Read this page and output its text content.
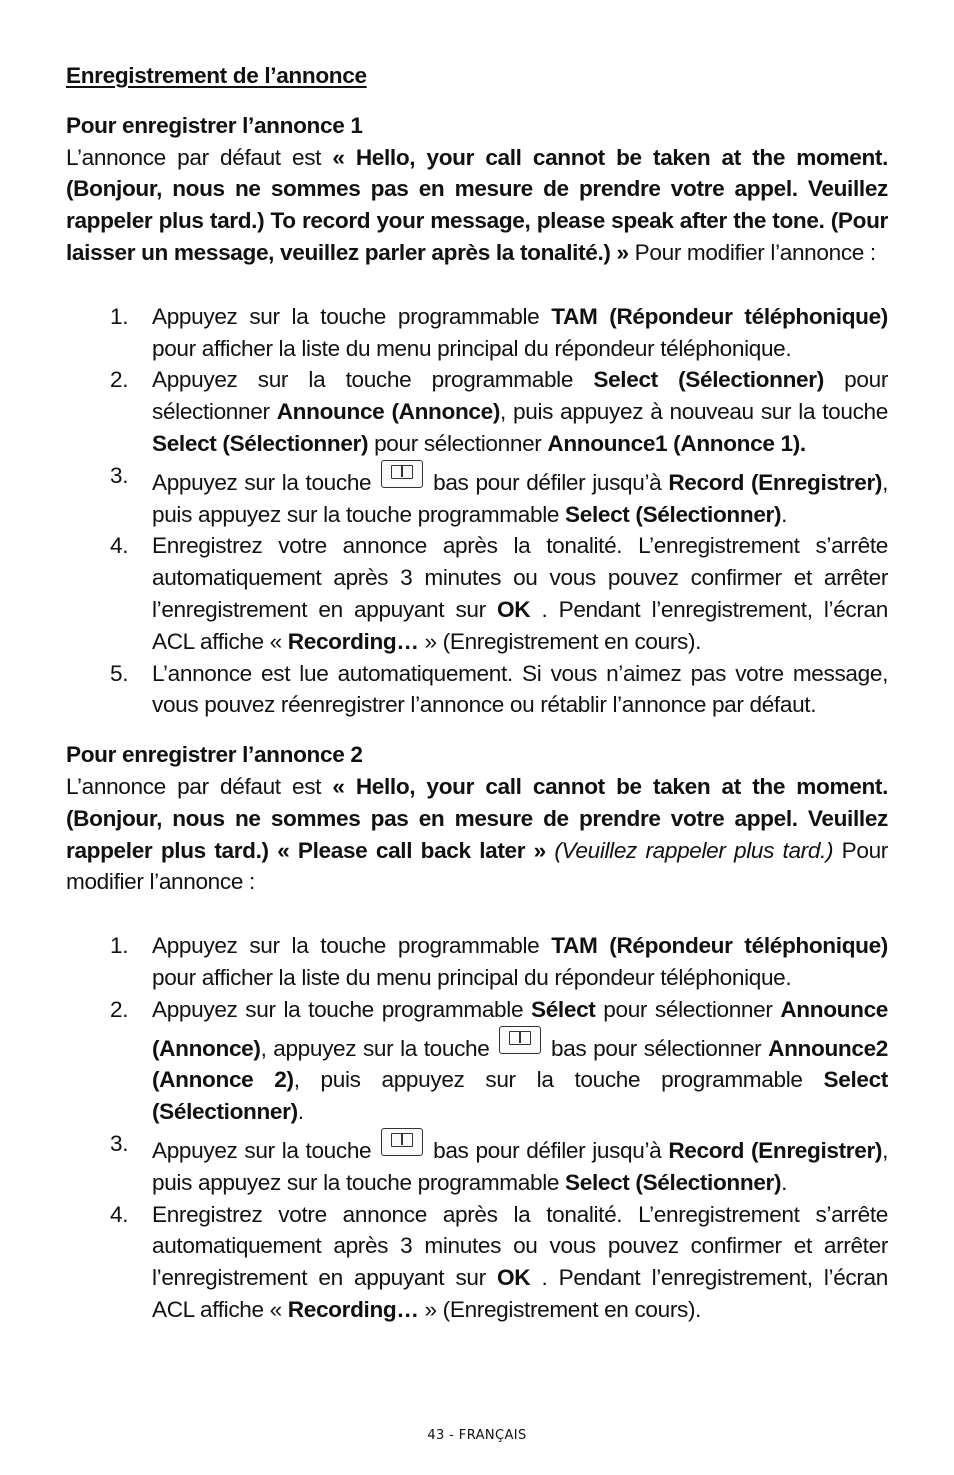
Enregistrement de l’annonce
Pour enregistrer l’annonce 1

L’annonce par défaut est « Hello, your call cannot be taken at the moment. (Bonjour, nous ne sommes pas en mesure de prendre votre appel. Veuillez rappeler plus tard.) To record your message, please speak after the tone. (Pour laisser un message, veuillez parler après la tonalité.) » Pour modifier l’annonce :

1. Appuyez sur la touche programmable TAM (Répondeur téléphonique) pour afficher la liste du menu principal du répondeur téléphonique.
2. Appuyez sur la touche programmable Select (Sélectionner) pour sélectionner Announce (Annonce), puis appuyez à nouveau sur la touche Select (Sélectionner) pour sélectionner Announce1 (Annonce 1).
3. Appuyez sur la touche
bas pour défiler jusqu’à Record (Enregistrer), puis appuyez sur la touche programmable Select (Sélectionner).
4. Enregistrez votre annonce après la tonalité. L’enregistrement s’arrête automatiquement après 3 minutes ou vous pouvez confirmer et arrêter l’enregistrement en appuyant sur OK . Pendant l’enregistrement, l’écran ACL affiche « Recording… » (Enregistrement en cours).
5. L’annonce est lue automatiquement. Si vous n’aimez pas votre message, vous pouvez réenregistrer l’annonce ou rétablir l’annonce par défaut.
Pour enregistrer l’annonce 2

L’annonce par défaut est « Hello, your call cannot be taken at the moment. (Bonjour, nous ne sommes pas en mesure de prendre votre appel. Veuillez rappeler plus tard.) « Please call back later » (Veuillez rappeler plus tard.) Pour modifier l’annonce :

1. Appuyez sur la touche programmable TAM (Répondeur téléphonique) pour afficher la liste du menu principal du répondeur téléphonique.
2. Appuyez sur la touche programmable Sélect pour sélectionner Announce (Annonce), appuyez sur la touche
bas pour sélectionner Announce2 (Annonce 2), puis appuyez sur la touche programmable Select (Sélectionner).
3. Appuyez sur la touche
bas pour défiler jusqu’à Record (Enregistrer), puis appuyez sur la touche programmable Select (Sélectionner).
4. Enregistrez votre annonce après la tonalité. L’enregistrement s’arrête automatiquement après 3 minutes ou vous pouvez confirmer et arrêter l’enregistrement en appuyant sur OK . Pendant l’enregistrement, l’écran ACL affiche « Recording… » (Enregistrement en cours).
43 - FRANÇAIS
